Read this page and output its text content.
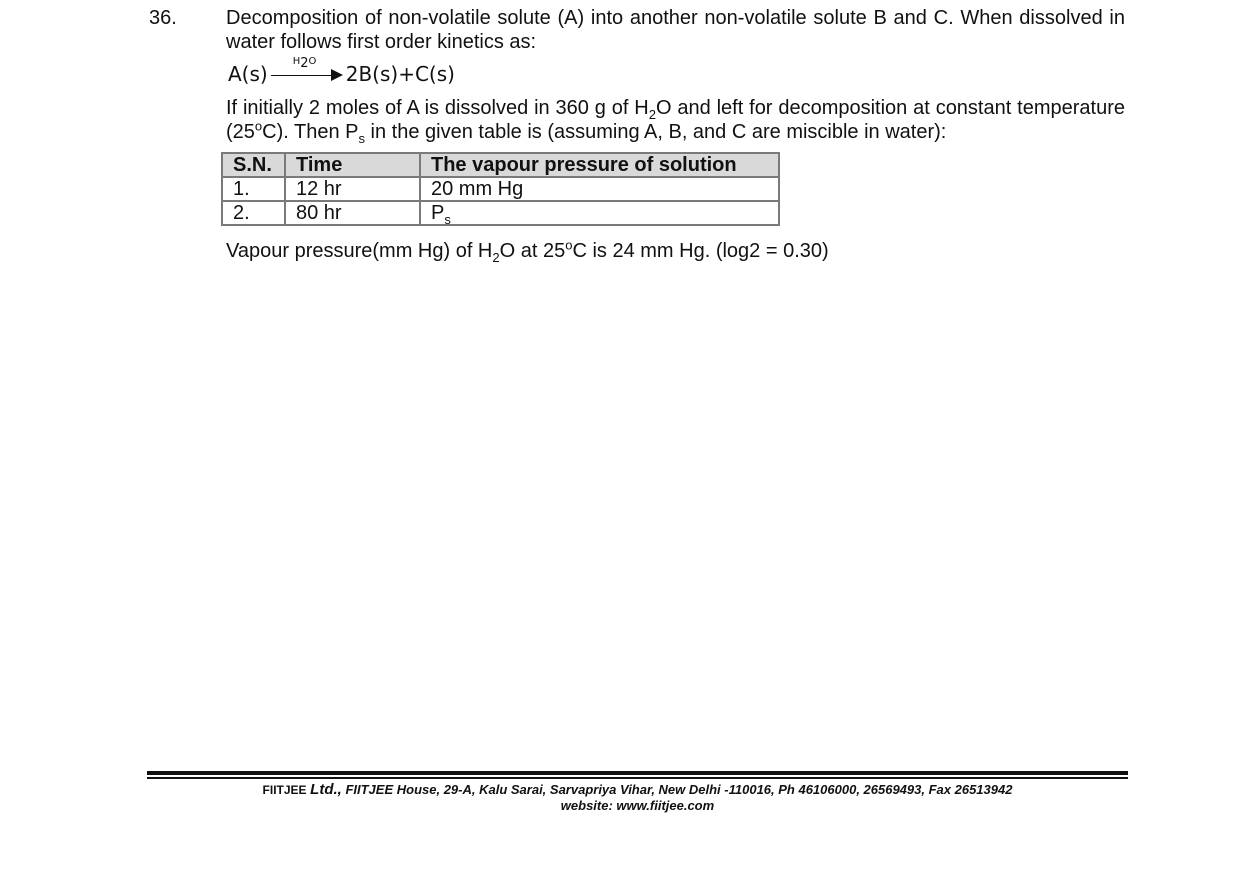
36. Decomposition of non-volatile solute (A) into another non-volatile solute B and C. When dissolved in water follows first order kinetics as:
A(s)
$H_2O$
2B(s) + C(s)
If initially 2 moles of A is dissolved in 360 g of $H_2O$ and left for decomposition at constant temperature (25$^o$C). Then $P_s$ in the given table is (assuming A, B, and C are miscible in water):
S.N.	Time	The vapour pressure of solution
1.	12 hr	20 mm Hg
2.	80 hr	$P_s$
Vapour pressure(mm Hg) of $H_2O$ at 25$^o$C is 24 mm Hg. (log2 = 0.30)
FIITJEE Ltd., FIITJEE House, 29-A, Kalu Sarai, Sarvapriya Vihar, New Delhi -110016, Ph 46106000, 26569493, Fax 26513942
website: www.fiitjee.com
